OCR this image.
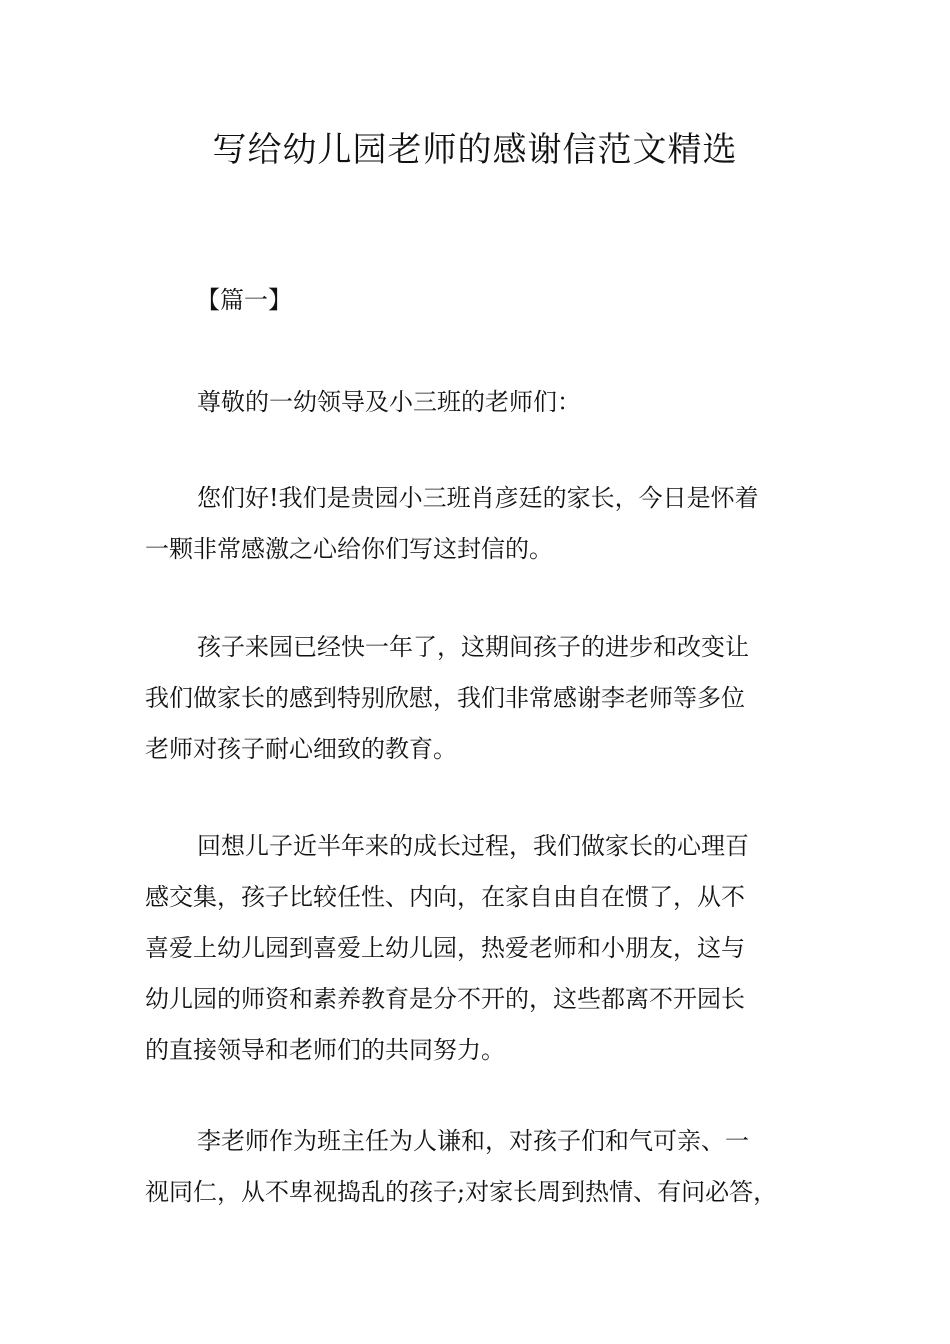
写给幼儿园老师的感谢信范文精选
【篇一】
尊敬的一幼领导及小三班的老师们：
您们好!我们是贵园小三班肖彦廷的家长，今日是怀着
一颗非常感激之心给你们写这封信的。
孩子来园已经快一年了，这期间孩子的进步和改变让
我们做家长的感到特别欣慰，我们非常感谢李老师等多位
老师对孩子耐心细致的教育。
回想儿子近半年来的成长过程，我们做家长的心理百
感交集，孩子比较任性、内向，在家自由自在惯了，从不
喜爱上幼儿园到喜爱上幼儿园，热爱老师和小朋友，这与
幼儿园的师资和素养教育是分不开的，这些都离不开园长
的直接领导和老师们的共同努力。
李老师作为班主任为人谦和，对孩子们和气可亲、一
视同仁，从不卑视捣乱的孩子;对家长周到热情、有问必答，
